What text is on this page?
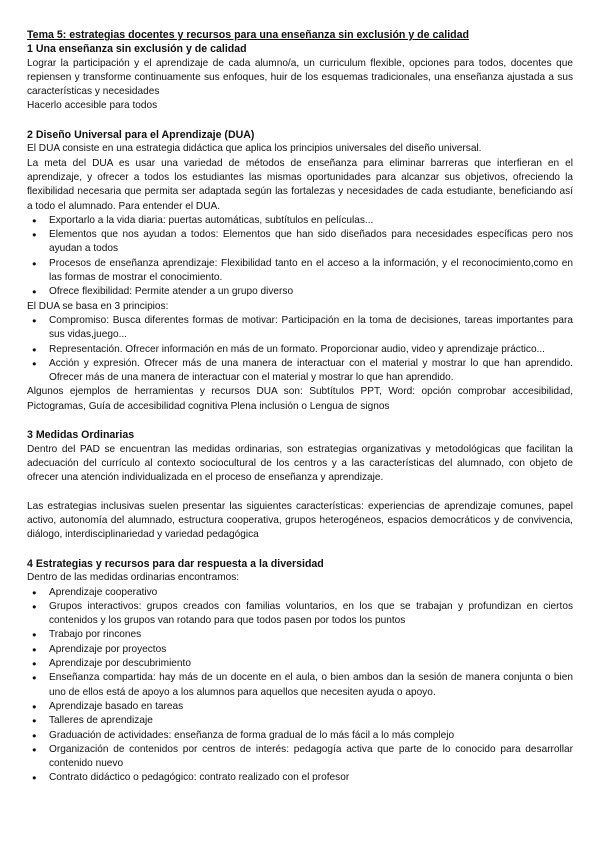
Tema 5: estrategias docentes y recursos para una enseñanza sin exclusión y de calidad

1 Una enseñanza sin exclusión y de calidad

Lograr la participación y el aprendizaje de cada alumno/a, un curriculum flexible, opciones para todos, docentes que repiensen y transforme continuamente sus enfoques, huir de los esquemas tradicionales, una enseñanza ajustada a sus características y necesidades

Hacerlo accesible para todos

2 Diseño Universal para el Aprendizaje (DUA)

El DUA consiste en una estrategia didáctica que aplica los principios universales del diseño universal.

La meta del DUA es usar una variedad de métodos de enseñanza para eliminar barreras que interfieran en el aprendizaje, y ofrecer a todos los estudiantes las mismas oportunidades para alcanzar sus objetivos, ofreciendo la flexibilidad necesaria que permita ser adaptada según las fortalezas y necesidades de cada estudiante, beneficiando así a todo el alumnado. Para entender el DUA.

● Exportarlo a la vida diaria: puertas automáticas, subtítulos en películas...
● Elementos que nos ayudan a todos: Elementos que han sido diseñados para necesidades específicas pero nos ayudan a todos
● Procesos de enseñanza aprendizaje: Flexibilidad tanto en el acceso a la información, y el reconocimiento,como en las formas de mostrar el conocimiento.
● Ofrece flexibilidad: Permite atender a un grupo diverso

El DUA se basa en 3 principios:

● Compromiso: Busca diferentes formas de motivar: Participación en la toma de decisiones, tareas importantes para sus vidas,juego...
● Representación. Ofrecer información en más de un formato. Proporcionar audio, video y aprendizaje práctico...
● Acción y expresión. Ofrecer más de una manera de interactuar con el material y mostrar lo que han aprendido. Ofrecer más de una manera de interactuar con el material y mostrar lo que han aprendido.

Algunos ejemplos de herramientas y recursos DUA son: Subtítulos PPT, Word: opción comprobar accesibilidad, Pictogramas, Guía de accesibilidad cognitiva Plena inclusión o Lengua de signos

3 Medidas Ordinarias

Dentro del PAD se encuentran las medidas ordinarias, son estrategias organizativas y metodológicas que facilitan la adecuación del currículo al contexto sociocultural de los centros y a las características del alumnado, con objeto de ofrecer una atención individualizada en el proceso de enseñanza y aprendizaje.

Las estrategias inclusivas suelen presentar las siguientes características: experiencias de aprendizaje comunes, papel activo, autonomía del alumnado, estructura cooperativa, grupos heterogéneos, espacios democráticos y de convivencia, diálogo, interdisciplinariedad y variedad pedagógica

4 Estrategias y recursos para dar respuesta a la diversidad

Dentro de las medidas ordinarias encontramos:

● Aprendizaje cooperativo
● Grupos interactivos: grupos creados con familias voluntarios, en los que se trabajan y profundizan en ciertos contenidos y los grupos van rotando para que todos pasen por todos los puntos
● Trabajo por rincones
● Aprendizaje por proyectos
● Aprendizaje por descubrimiento
● Enseñanza compartida: hay más de un docente en el aula, o bien ambos dan la sesión de manera conjunta o bien uno de ellos está de apoyo a los alumnos para aquellos que necesiten ayuda o apoyo.
● Aprendizaje basado en tareas
● Talleres de aprendizaje
● Graduación de actividades: enseñanza de forma gradual de lo más fácil a lo más complejo
● Organización de contenidos por centros de interés: pedagogía activa que parte de lo conocido para desarrollar contenido nuevo
● Contrato didáctico o pedagógico: contrato realizado con el profesor
